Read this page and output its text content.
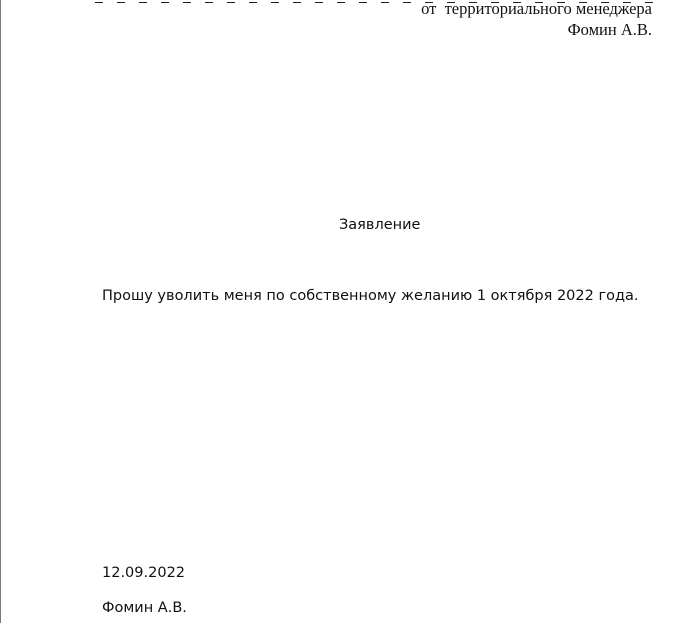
от  территориального менеджера
Фомин А.В.
Заявление
Прошу уволить меня по собственному желанию 1 октября 2022 года.
12.09.2022
Фомин А.В.
